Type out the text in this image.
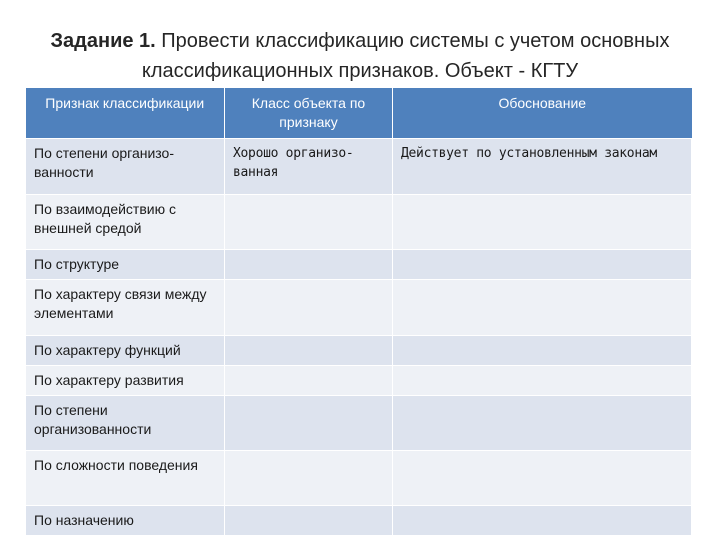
Задание 1. Провести классификацию системы с учетом основных классификационных признаков. Объект - КГТУ
Признак классификации	Класс объекта по признаку	Обоснование
По степени организо-ванности	Хорошо организо-ванная	Действует по установленным законам
По взаимодействию с внешней средой		
По структуре		
По характеру связи между элементами		
По характеру функций		
По характеру развития		
По степени организованности		
По сложности поведения		
По назначению		
